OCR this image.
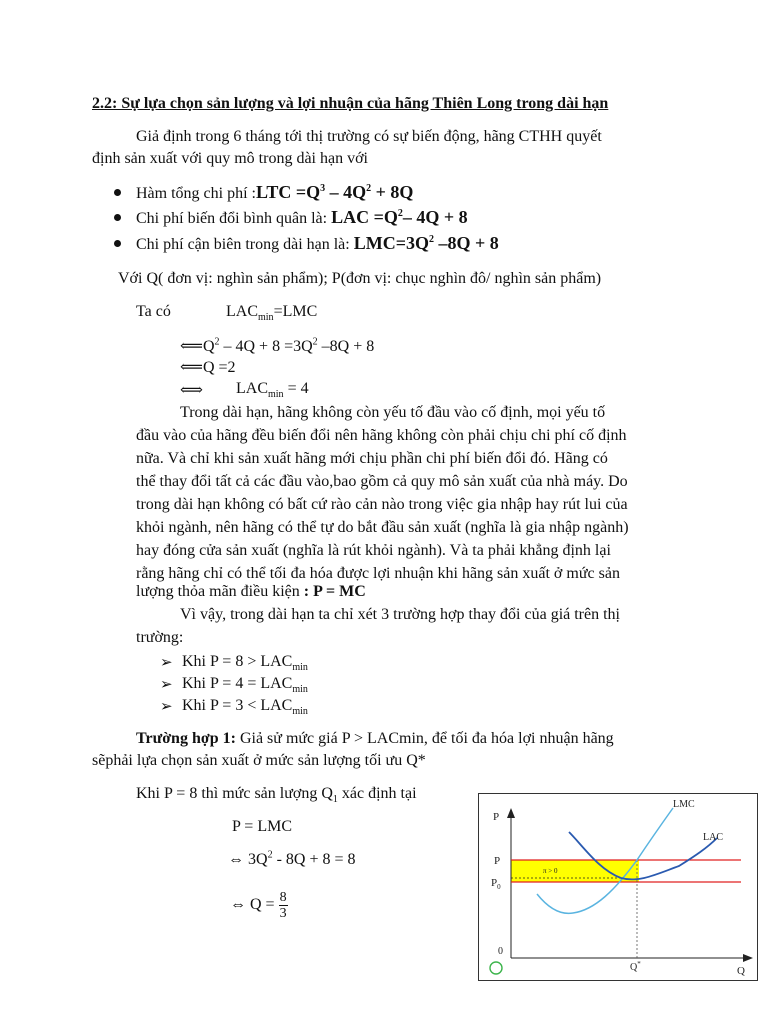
2.2: Sự lựa chọn sản lượng và lợi nhuận của hãng Thiên Long trong dài hạn
Giả định trong 6 tháng tới thị trường có sự biến động, hãng CTHH quyết
định sản xuất với quy mô trong dài hạn với
Hàm tổng chi phí :LTC $=Q^3 - 4Q^2 + 8Q$
Chi phí biến đổi bình quân là: LAC $=Q^2-$ 4Q + 8
Chi phí cận biên trong dài hạn là: $LMC=3Q^2$ –8Q + 8
Với Q( đơn vị: nghìn sản phẩm); P(đơn vị: chục nghìn đô/ nghìn sản phẩm)
Ta có	$LAC_{min}=LMC$
$⟸Q^2 - 4Q + 8 =3Q^2$ –8Q + 8
⟸Q =2
⟺ $LAC_{min} = 4$
Trong dài hạn, hãng không còn yếu tố đầu vào cố định, mọi yếu tố
đầu vào của hãng đều biến đổi nên hãng không còn phải chịu chi phí cố định
nữa. Và chỉ khi sản xuất hãng mới chịu phần chi phí biến đổi đó. Hãng có
thể thay đổi tất cả các đầu vào,bao gồm cả quy mô sản xuất của nhà máy. Do
trong dài hạn không có bất cứ rào cản nào trong việc gia nhập hay rút lui của
khỏi ngành, nên hãng có thể tự do bắt đầu sản xuất (nghĩa là gia nhập ngành)
hay đóng cửa sản xuất (nghĩa là rút khỏi ngành). Và ta phải khẳng định lại
rằng hãng chỉ có thể tối đa hóa được lợi nhuận khi hãng sản xuất ở mức sản
lượng thỏa mãn điều kiện : P = MC
Vì vậy, trong dài hạn ta chỉ xét 3 trường hợp thay đổi của giá trên thị
trường:
➢ Khi $P = 8 > LAC_{min}$
➢ Khi $P = 4 = LAC_{min}$
➢ Khi $P = 3 < LAC_{min}$
Trường hợp 1: Giả sử mức giá P > LACmin, để tối đa hóa lợi nhuận hãng
sẽphải lựa chọn sản xuất ở mức sản lượng tối ưu Q*
Khi P = 8 thì mức sản lượng $Q_1$ xác định tại
P = LMC
⇔ $3Q^2 - 8Q + 8 = 8$
⇔ $Q = \frac{8}{3}$
P
P
$P_0$
0
Q
Q*
LMC
LAC
π > 0
